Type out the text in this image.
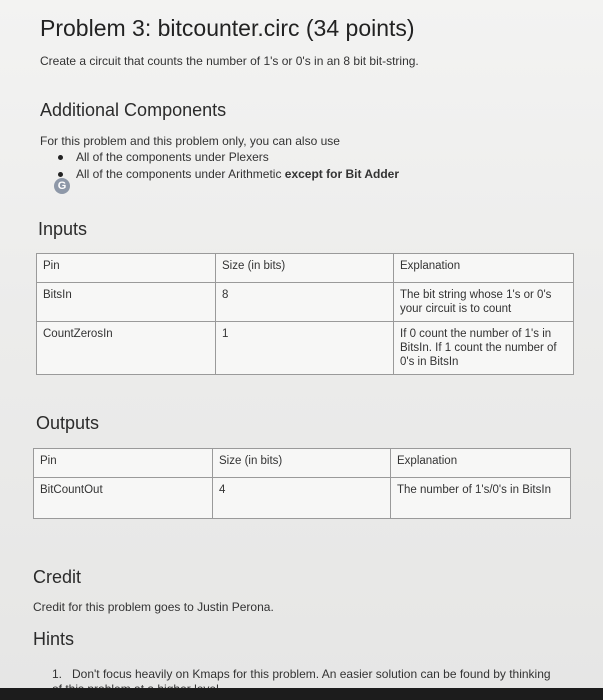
Problem 3: bitcounter.circ (34 points)
Create a circuit that counts the number of 1's or 0's in an 8 bit bit-string.
Additional Components
For this problem and this problem only, you can also use
All of the components under Plexers
All of the components under Arithmetic except for Bit Adder
G
Inputs
Pin	Size (in bits)	Explanation
BitsIn	8	The bit string whose 1's or 0's your circuit is to count
CountZerosIn	1	If 0 count the number of 1's in BitsIn. If 1 count the number of 0's in BitsIn
Outputs
Pin	Size (in bits)	Explanation
BitCountOut	4	The number of 1's/0's in BitsIn
Credit
Credit for this problem goes to Justin Perona.
Hints
1. Don't focus heavily on Kmaps for this problem. An easier solution can be found by thinking
